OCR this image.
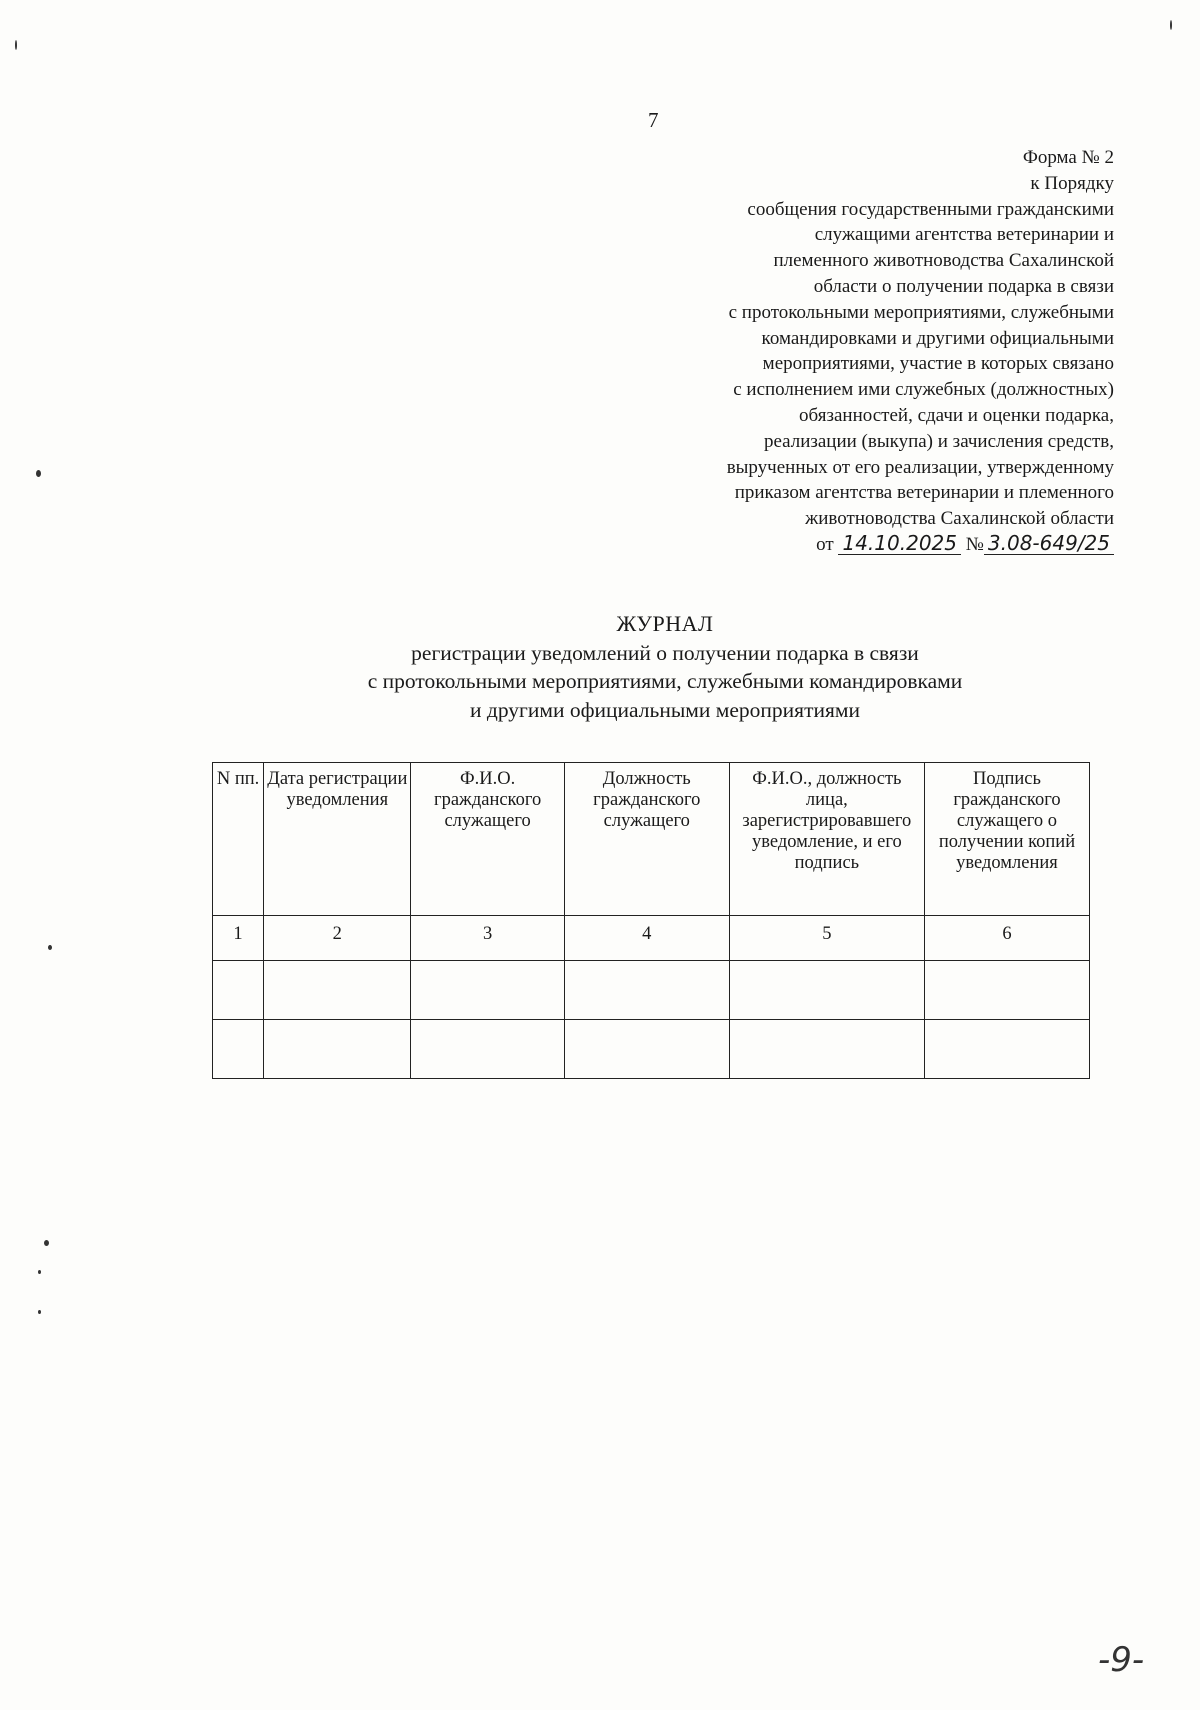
7
Форма № 2
к Порядку
сообщения государственными гражданскими
служащими агентства ветеринарии и
племенного животноводства Сахалинской
области о получении подарка в связи
с протокольными мероприятиями, служебными
командировками и другими официальными
мероприятиями, участие в которых связано
с исполнением ими служебных (должностных)
обязанностей, сдачи и оценки подарка,
реализации (выкупа) и зачисления средств,
вырученных от его реализации, утвержденному
приказом агентства ветеринарии и племенного
животноводства Сахалинской области
от 14.10.2025 № 3.08-649/25
ЖУРНАЛ
регистрации уведомлений о получении подарка в связи
с протокольными мероприятиями, служебными командировками
и другими официальными мероприятиями
N пп.	Дата регистрации уведомления	Ф.И.О. гражданского служащего	Должность гражданского служащего	Ф.И.О., должность лица, зарегистрировавшего уведомление, и его подпись	Подпись гражданского служащего о получении копий уведомления
1	2	3	4	5	6

-9-
